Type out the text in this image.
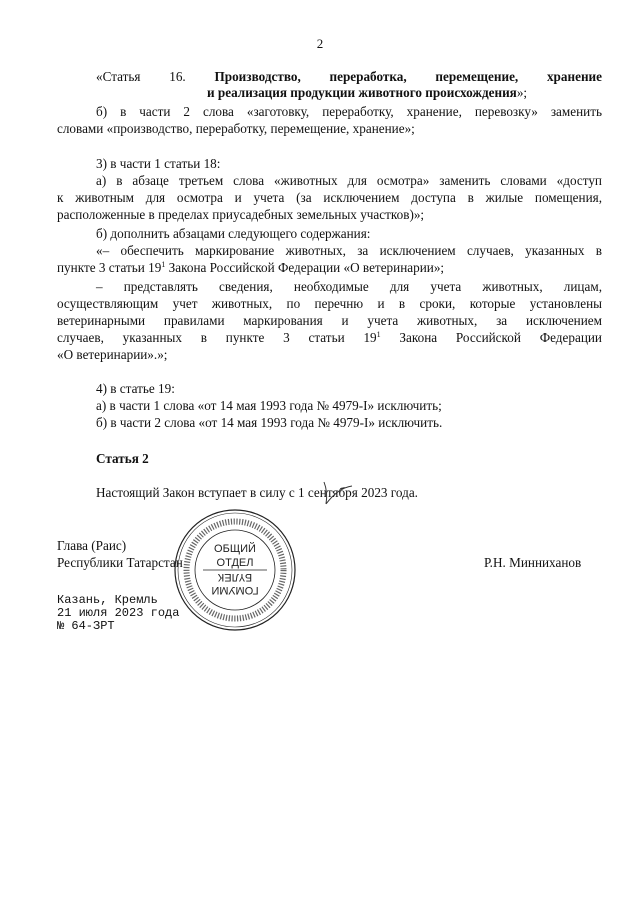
2
«Статья 16. Производство, переработка, перемещение, хранение
и реализация продукции животного происхождения»;
б) в части 2 слова «заготовку, переработку, хранение, перевозку» заменить
словами «производство, переработку, перемещение, хранение»;
3) в части 1 статьи 18:
а) в абзаце третьем слова «животных для осмотра» заменить словами «доступ
к животным для осмотра и учета (за исключением доступа в жилые помещения,
расположенные в пределах приусадебных земельных участков)»;
б) дополнить абзацами следующего содержания:
«– обеспечить маркирование животных, за исключением случаев, указанных в
пункте 3 статьи $19^1$ Закона Российской Федерации «О ветеринарии»;
– представлять сведения, необходимые для учета животных, лицам,
осуществляющим учет животных, по перечню и в сроки, которые установлены
ветеринарными правилами маркирования и учета животных, за исключением
случаев, указанных в пункте 3 статьи $19^1$ Закона Российской Федерации
«О ветеринарии».»;
4) в статье 19:
а) в части 1 слова «от 14 мая 1993 года № 4979-I» исключить;
б) в части 2 слова «от 14 мая 1993 года № 4979-I» исключить.
Статья 2
Настоящий Закон вступает в силу с 1 сентября 2023 года.
Глава (Раис)
Республики Татарстан	Р.Н. Минниханов
ОБЩИЙ
ОТДЕЛ
ГОМУМИ
БҮЛЕК
Казань, Кремль
21 июля 2023 года
№ 64-ЗРТ
